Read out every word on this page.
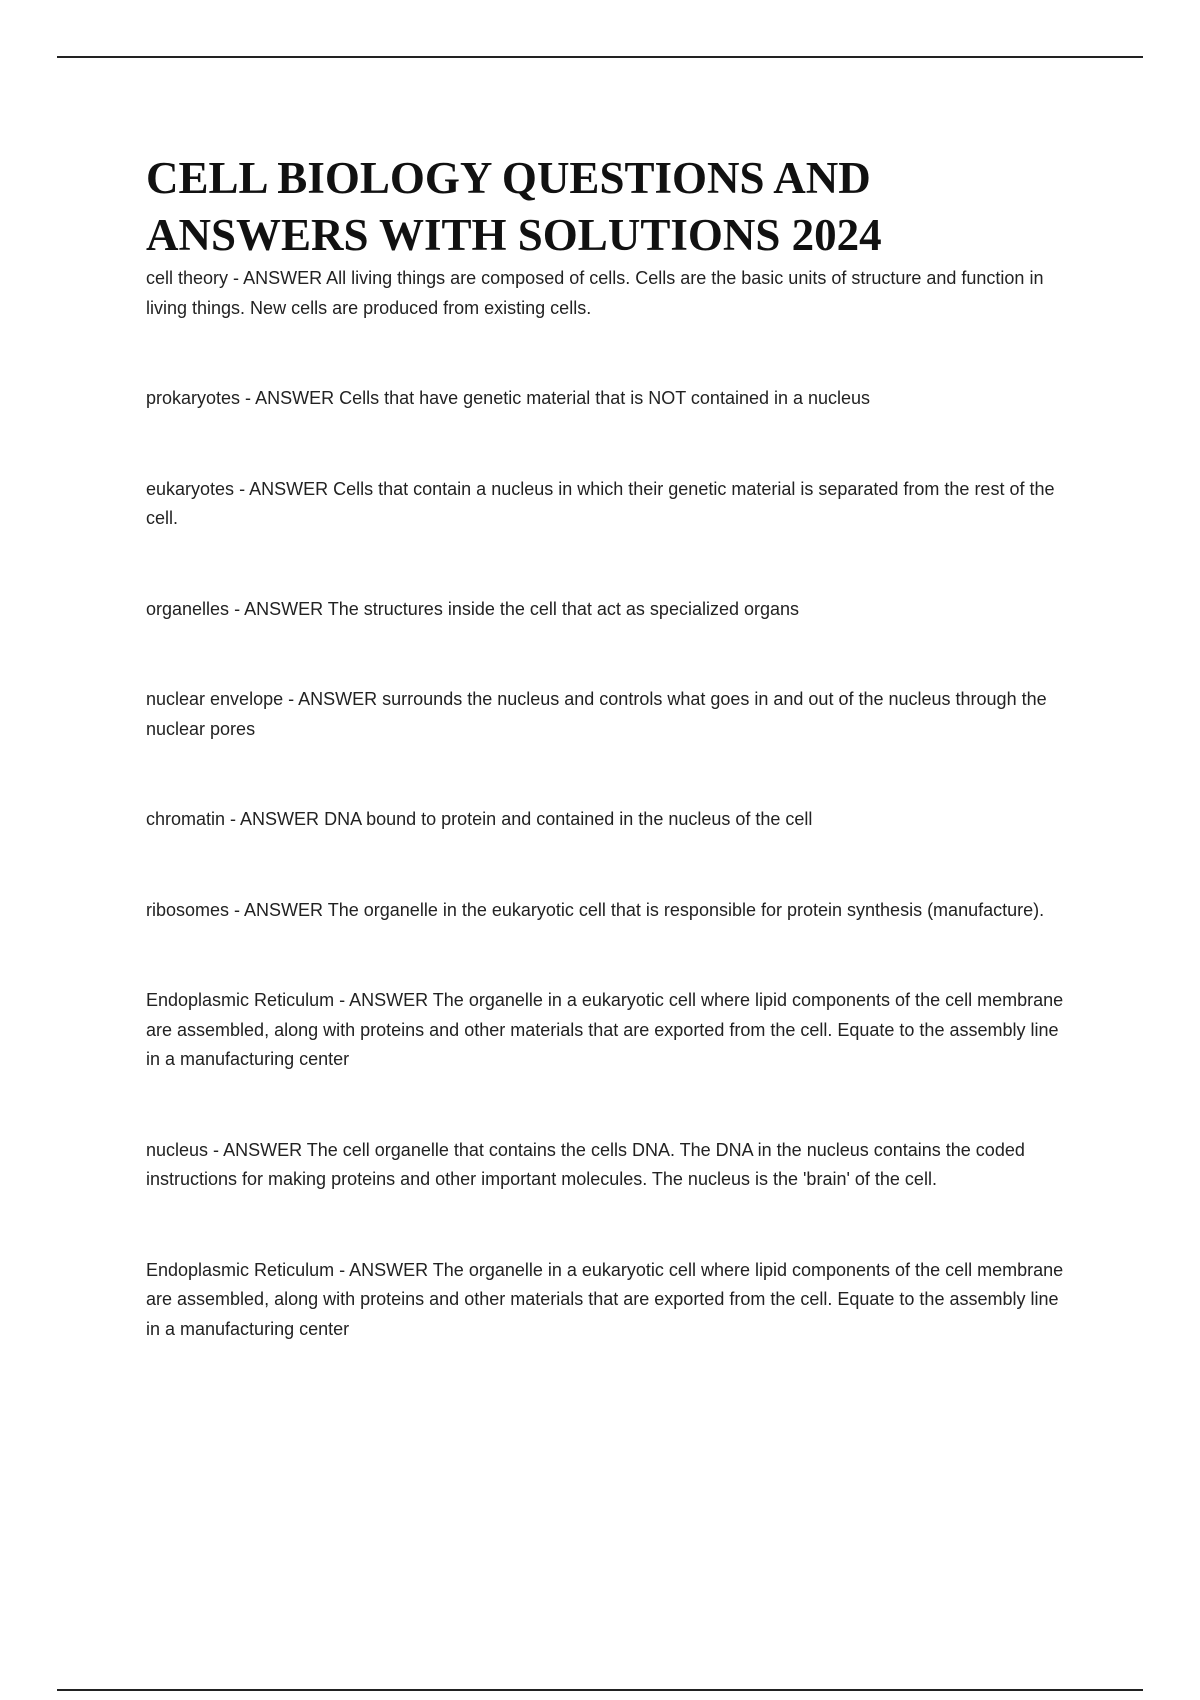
CELL BIOLOGY QUESTIONS AND ANSWERS WITH SOLUTIONS 2024

cell theory - ANSWER All living things are composed of cells. Cells are the basic units of structure and function in living things. New cells are produced from existing cells.

prokaryotes - ANSWER Cells that have genetic material that is NOT contained in a nucleus

eukaryotes - ANSWER Cells that contain a nucleus in which their genetic material is separated from the rest of the cell.

organelles - ANSWER The structures inside the cell that act as specialized organs

nuclear envelope - ANSWER surrounds the nucleus and controls what goes in and out of the nucleus through the nuclear pores

chromatin - ANSWER DNA bound to protein and contained in the nucleus of the cell

ribosomes - ANSWER The organelle in the eukaryotic cell that is responsible for protein synthesis (manufacture).

Endoplasmic Reticulum - ANSWER The organelle in a eukaryotic cell where lipid components of the cell membrane are assembled, along with proteins and other materials that are exported from the cell. Equate to the assembly line in a manufacturing center

nucleus - ANSWER The cell organelle that contains the cells DNA. The DNA in the nucleus contains the coded instructions for making proteins and other important molecules. The nucleus is the 'brain' of the cell.

Endoplasmic Reticulum - ANSWER The organelle in a eukaryotic cell where lipid components of the cell membrane are assembled, along with proteins and other materials that are exported from the cell. Equate to the assembly line in a manufacturing center
